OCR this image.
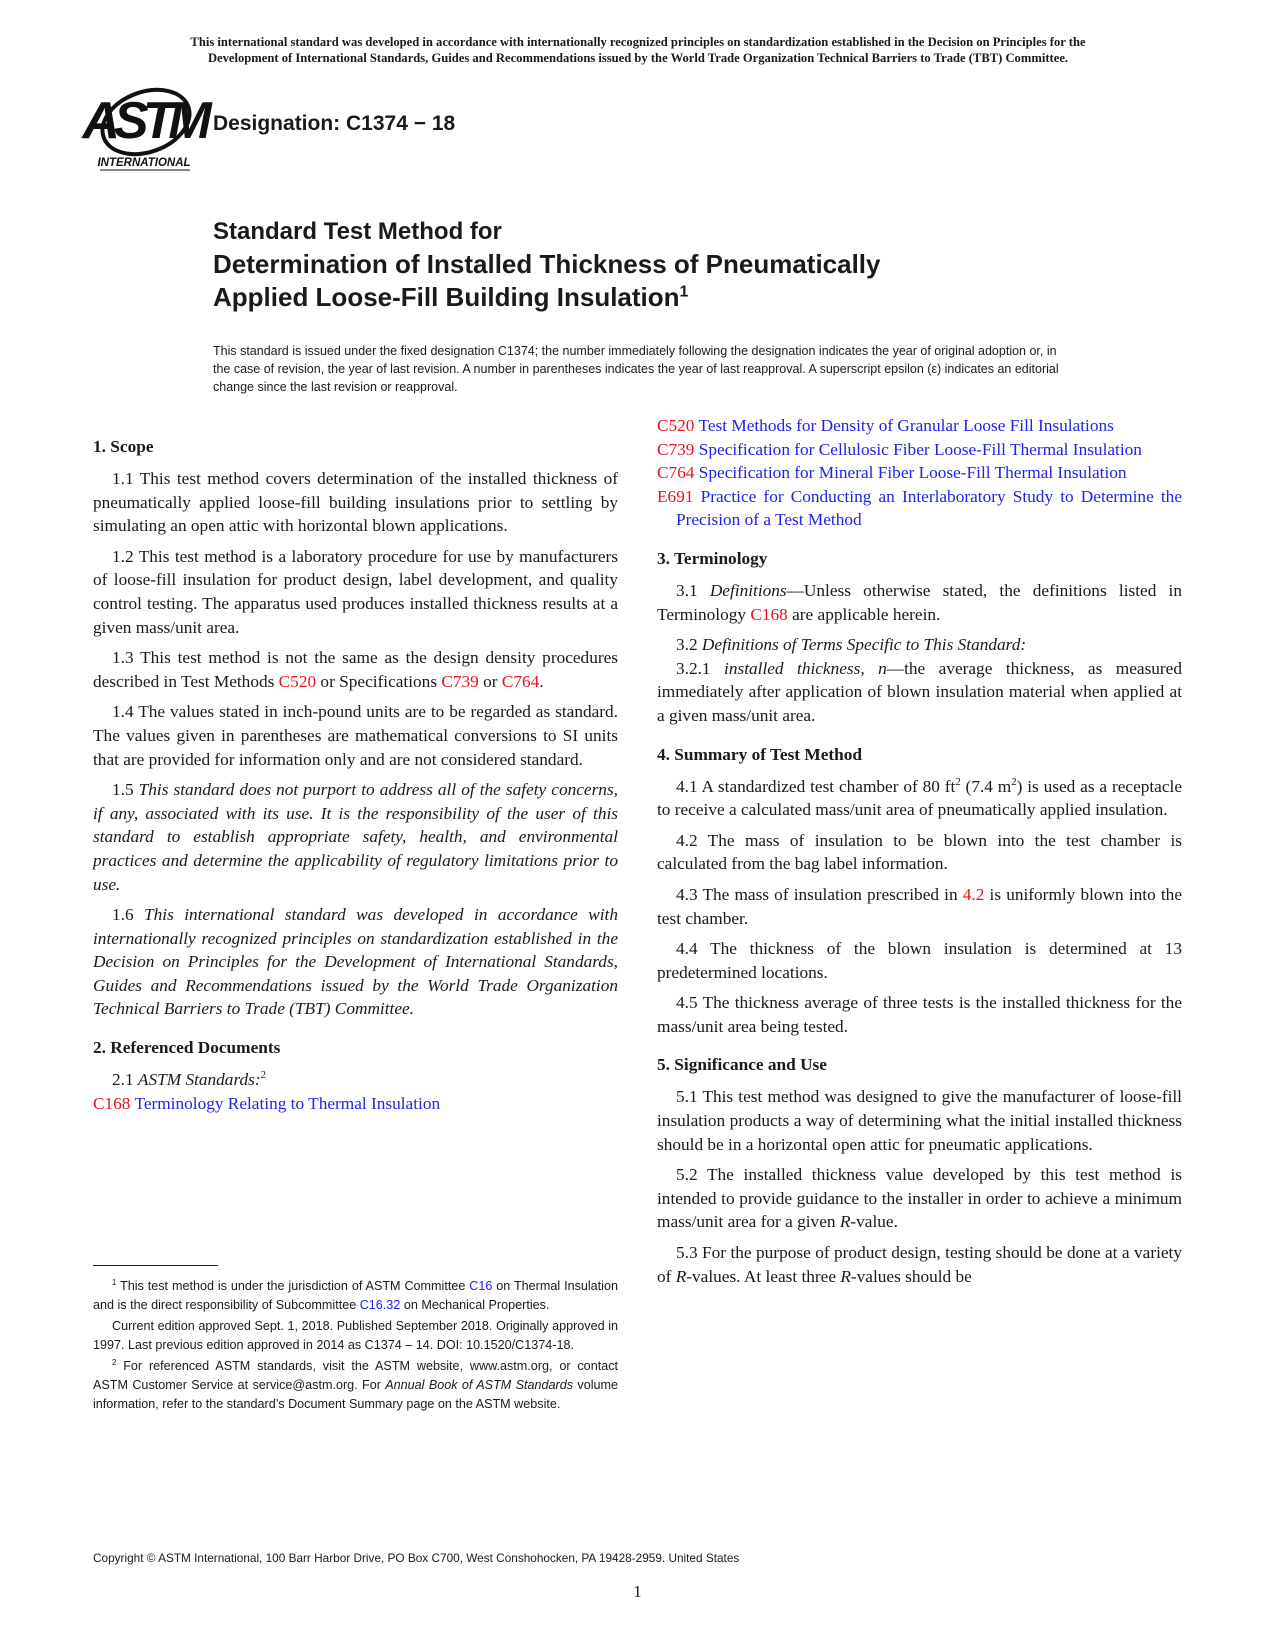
This international standard was developed in accordance with internationally recognized principles on standardization established in the Decision on Principles for the
Development of International Standards, Guides and Recommendations issued by the World Trade Organization Technical Barriers to Trade (TBT) Committee.
ASTM
INTERNATIONAL
Designation: C1374 − 18
Standard Test Method for
Determination of Installed Thickness of Pneumatically
Applied Loose-Fill Building Insulation$^1$
This standard is issued under the fixed designation C1374; the number immediately following the designation indicates the year of original adoption or, in the case of revision, the year of last revision. A number in parentheses indicates the year of last reapproval. A superscript epsilon (ε) indicates an editorial change since the last revision or reapproval.
1. Scope

1.1 This test method covers determination of the installed thickness of pneumatically applied loose-fill building insulations prior to settling by simulating an open attic with horizontal blown applications.

1.2 This test method is a laboratory procedure for use by manufacturers of loose-fill insulation for product design, label development, and quality control testing. The apparatus used produces installed thickness results at a given mass/unit area.

1.3 This test method is not the same as the design density procedures described in Test Methods C520 or Specifications C739 or C764.

1.4 The values stated in inch-pound units are to be regarded as standard. The values given in parentheses are mathematical conversions to SI units that are provided for information only and are not considered standard.

1.5 This standard does not purport to address all of the safety concerns, if any, associated with its use. It is the responsibility of the user of this standard to establish appropriate safety, health, and environmental practices and determine the applicability of regulatory limitations prior to use.

1.6 This international standard was developed in accordance with internationally recognized principles on standardization established in the Decision on Principles for the Development of International Standards, Guides and Recommendations issued by the World Trade Organization Technical Barriers to Trade (TBT) Committee.

2. Referenced Documents

2.1 ASTM Standards:$^2$

C168 Terminology Relating to Thermal Insulation

$^1$ This test method is under the jurisdiction of ASTM Committee C16 on Thermal Insulation and is the direct responsibility of Subcommittee C16.32 on Mechanical Properties.

Current edition approved Sept. 1, 2018. Published September 2018. Originally approved in 1997. Last previous edition approved in 2014 as C1374 – 14. DOI: 10.1520/C1374-18.

$^2$ For referenced ASTM standards, visit the ASTM website, www.astm.org, or contact ASTM Customer Service at service@astm.org. For Annual Book of ASTM Standards volume information, refer to the standard’s Document Summary page on the ASTM website.

C520 Test Methods for Density of Granular Loose Fill Insulations
C739 Specification for Cellulosic Fiber Loose-Fill Thermal Insulation
C764 Specification for Mineral Fiber Loose-Fill Thermal Insulation
E691 Practice for Conducting an Interlaboratory Study to Determine the Precision of a Test Method
3. Terminology

3.1 Definitions—Unless otherwise stated, the definitions listed in Terminology C168 are applicable herein.

3.2 Definitions of Terms Specific to This Standard:

3.2.1 installed thickness, n—the average thickness, as measured immediately after application of blown insulation material when applied at a given mass/unit area.

4. Summary of Test Method

4.1 A standardized test chamber of 80 $ft^2$ (7.4 $m^2$) is used as a receptacle to receive a calculated mass/unit area of pneumatically applied insulation.

4.2 The mass of insulation to be blown into the test chamber is calculated from the bag label information.

4.3 The mass of insulation prescribed in 4.2 is uniformly blown into the test chamber.

4.4 The thickness of the blown insulation is determined at 13 predetermined locations.

4.5 The thickness average of three tests is the installed thickness for the mass/unit area being tested.

5. Significance and Use

5.1 This test method was designed to give the manufacturer of loose-fill insulation products a way of determining what the initial installed thickness should be in a horizontal open attic for pneumatic applications.

5.2 The installed thickness value developed by this test method is intended to provide guidance to the installer in order to achieve a minimum mass/unit area for a given R-value.

5.3 For the purpose of product design, testing should be done at a variety of R-values. At least three R-values should be

Copyright © ASTM International, 100 Barr Harbor Drive, PO Box C700, West Conshohocken, PA 19428-2959. United States
1
